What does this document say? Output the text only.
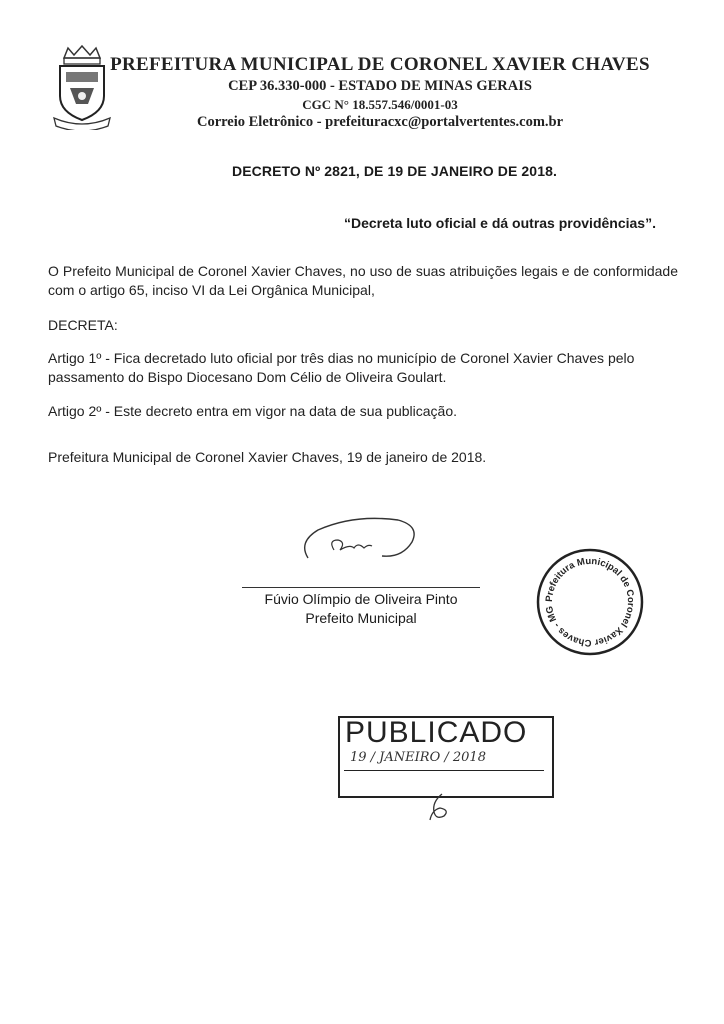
PREFEITURA MUNICIPAL DE CORONEL XAVIER CHAVES
CEP 36.330-000 - ESTADO DE MINAS GERAIS
CGC N° 18.557.546/0001-03
Correio Eletrônico - prefeituracxc@portalvertentes.com.br
DECRETO Nº 2821, DE 19 DE JANEIRO DE 2018.
“Decreta luto oficial e dá outras providências”.
O Prefeito Municipal de Coronel Xavier Chaves, no uso de suas atribuições legais e de conformidade com o artigo 65, inciso VI da Lei Orgânica Municipal,
DECRETA:
Artigo 1º - Fica decretado luto oficial por três dias no município de Coronel Xavier Chaves pelo passamento do Bispo Diocesano Dom Célio de Oliveira Goulart.
Artigo 2º - Este decreto entra em vigor na data de sua publicação.
Prefeitura Municipal de Coronel Xavier Chaves, 19 de janeiro de 2018.
Fúvio Olímpio de Oliveira Pinto
Prefeito Municipal
Prefeitura Municipal de Coronel Xavier Chaves - MG
PUBLICADO
19 / JANEIRO / 2018
